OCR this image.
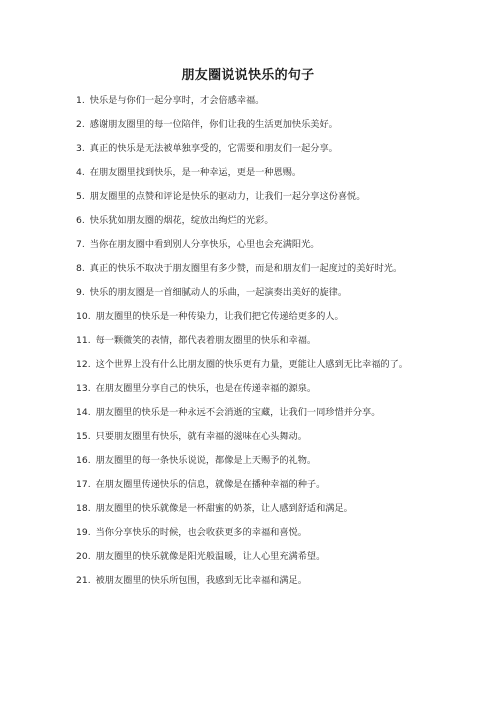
朋友圈说说快乐的句子
1. 快乐是与你们一起分享时，才会倍感幸福。
2. 感谢朋友圈里的每一位陪伴，你们让我的生活更加快乐美好。
3. 真正的快乐是无法被单独享受的，它需要和朋友们一起分享。
4. 在朋友圈里找到快乐，是一种幸运，更是一种恩赐。
5. 朋友圈里的点赞和评论是快乐的驱动力，让我们一起分享这份喜悦。
6. 快乐犹如朋友圈的烟花，绽放出绚烂的光彩。
7. 当你在朋友圈中看到别人分享快乐，心里也会充满阳光。
8. 真正的快乐不取决于朋友圈里有多少赞，而是和朋友们一起度过的美好时光。
9. 快乐的朋友圈是一首细腻动人的乐曲，一起演奏出美好的旋律。
10. 朋友圈里的快乐是一种传染力，让我们把它传递给更多的人。
11. 每一颗微笑的表情，都代表着朋友圈里的快乐和幸福。
12. 这个世界上没有什么比朋友圈的快乐更有力量，更能让人感到无比幸福的了。
13. 在朋友圈里分享自己的快乐，也是在传递幸福的源泉。
14. 朋友圈里的快乐是一种永远不会消逝的宝藏，让我们一同珍惜并分享。
15. 只要朋友圈里有快乐，就有幸福的滋味在心头舞动。
16. 朋友圈里的每一条快乐说说，都像是上天赐予的礼物。
17. 在朋友圈里传递快乐的信息，就像是在播种幸福的种子。
18. 朋友圈里的快乐就像是一杯甜蜜的奶茶，让人感到舒适和满足。
19. 当你分享快乐的时候，也会收获更多的幸福和喜悦。
20. 朋友圈里的快乐就像是阳光般温暖，让人心里充满希望。
21. 被朋友圈里的快乐所包围，我感到无比幸福和满足。
